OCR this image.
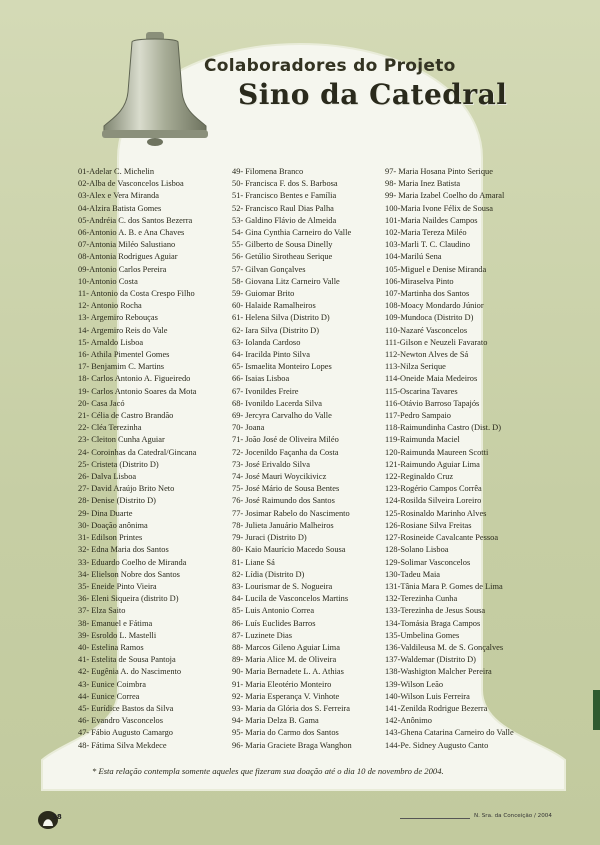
Colaboradores do Projeto
Sino da Catedral
01-Adelar C. Michelin
02-Alba de Vasconcelos Lisboa
03-Alex e Vera Miranda
04-Alzira Batista Gomes
05-Andréia C. dos Santos Bezerra
06-Antonio A. B. e Ana Chaves
07-Antonia Miléo Salustiano
08-Antonia Rodrigues Aguiar
09-Antonio Carlos Pereira
10-Antonio Costa
11- Antonio da Costa Crespo Filho
12- Antonio Rocha
13- Argemiro Rebouças
14- Argemiro Reis do Vale
15- Arnaldo Lisboa
16- Athila Pimentel Gomes
17- Benjamim C. Martins
18- Carlos Antonio A. Figueiredo
19- Carlos Antonio Soares da Mota
20- Casa Jacó
21- Célia de Castro Brandão
22- Cléa Terezinha
23- Cleiton Cunha Aguiar
24- Coroinhas da Catedral/Gincana
25- Cristeta (Distrito D)
26- Dalva Lisboa
27- David Araújo Brito Neto
28- Denise (Distrito D)
29- Dina Duarte
30- Doação anônima
31- Edilson Printes
32- Edna Maria dos Santos
33- Eduardo Coelho de Miranda
34- Elielson Nobre dos Santos
35- Eneide Pinto Vieira
36- Eleni Siqueira (distrito D)
37- Elza Saito
38- Emanuel e Fátima
39- Esroldo L. Mastelli
40- Estelina Ramos
41- Estelita de Sousa Pantoja
42- Eugênia A. do Nascimento
43- Eunice Coimbra
44- Eunice Correa
45- Eurídice Bastos da Silva
46- Evandro Vasconcelos
47- Fábio Augusto Camargo
48- Fátima Silva Mekdece
49- Filomena Branco
50- Francisca F. dos S. Barbosa
51- Francisco Bentes e Família
52- Francisco Raul Dias Palha
53- Galdino Flávio de Almeida
54- Gina Cynthia Carneiro do Valle
55- Gilberto de Sousa Dinelly
56- Getúlio Sirotheau Serique
57- Gilvan Gonçalves
58- Giovana Litz Carneiro Valle
59- Guiomar Brito
60- Halaide Ramalheiros
61- Helena Silva (Distrito D)
62- Iara Silva (Distrito D)
63- Iolanda Cardoso
64- Iracilda Pinto Silva
65- Ismaelita Monteiro Lopes
66- Isaias Lisboa
67- Ivonildes Freire
68- Ivonildo Lacerda Silva
69- Jercyra Carvalho do Valle
70- Joana
71- João José de Oliveira Miléo
72- Jocenildo Façanha da Costa
73- José Erivaldo Silva
74- José Mauri Woycikivicz
75- José Mário de Sousa Bentes
76- José Raimundo dos Santos
77- Josimar Rabelo do Nascimento
78- Julieta Januário Malheiros
79- Juraci (Distrito D)
80- Kaio Maurício Macedo Sousa
81- Liane Sá
82- Lídia (Distrito D)
83- Lourismar de S. Nogueira
84- Lucila de Vasconcelos Martins
85- Luis Antonio Correa
86- Luís Euclides Barros
87- Luzinete Dias
88- Marcos Gileno Aguiar Lima
89- Maria Alice M. de Oliveira
90- Maria Bernadete L. A. Athias
91- Maria Eleotério Monteiro
92- Maria Esperança V. Vinhote
93- Maria da Glória dos S. Ferreira
94- Maria Delza B. Gama
95- Maria do Carmo dos Santos
96- Maria Graciete Braga Wanghon
97- Maria Hosana Pinto Serique
98- Maria Inez Batista
99- Maria Izabel Coelho do Amaral
100-Maria Ivone Félix de Sousa
101-Maria Naildes Campos
102-Maria Tereza Miléo
103-Marli T. C. Claudino
104-Marilú Sena
105-Miguel e Denise Miranda
106-Miraselva Pinto
107-Martinha dos Santos
108-Moacy Mondardo Júnior
109-Mundoca (Distrito D)
110-Nazaré Vasconcelos
111-Gilson e Neuzeli Favarato
112-Newton Alves de Sá
113-Nilza Serique
114-Oneide Maia Medeiros
115-Oscarina Tavares
116-Otávio Barroso Tapajós
117-Pedro Sampaio
118-Raimundinha Castro (Dist. D)
119-Raimunda Maciel
120-Raimunda Maureen Scotti
121-Raimundo Aguiar Lima
122-Reginaldo Cruz
123-Rogério Campos Corrêa
124-Rosilda Silveira Loreiro
125-Rosinaldo Marinho Alves
126-Rosiane Silva Freitas
127-Rosineide Cavalcante Pessoa
128-Solano Lisboa
129-Solimar Vasconcelos
130-Tadeu Maia
131-Tânia Mara P. Gomes de Lima
132-Terezinha Cunha
133-Terezinha de Jesus Sousa
134-Tomásia Braga Campos
135-Umbelina Gomes
136-Valdileusa M. de S. Gonçalves
137-Waldemar (Distrito D)
138-Washigton Malcher Pereira
139-Wilson Leão
140-Wilson Luis Ferreira
141-Zenilda Rodrigue Bezerra
142-Anônimo
143-Ghena Catarina Carneiro do Valle
144-Pe. Sidney Augusto Canto
* Esta relação contempla somente aqueles que fizeram sua doação até o dia 10 de novembro de 2004.
38	N. Sra. da Conceição / 2004
